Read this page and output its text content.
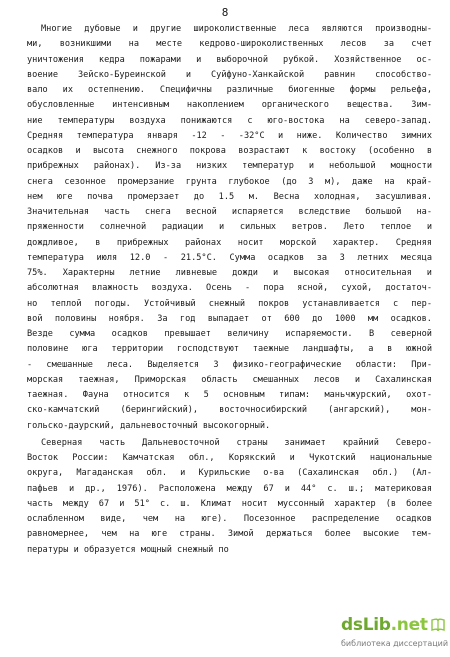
8
Многие дубовые и другие широколиственные леса являются производны-
ми, возникшими на месте кедрово-широколиственных лесов за счет
уничтожения кедра пожарами и выборочной рубкой. Хозяйственное ос-
воение Зейско-Буреинской и Суйфуно-Ханкайской равнин способство-
вало их остепнению. Специфичны различные биогенные формы рельефа,
обусловленные интенсивным накоплением органического вещества. Зим-
ние температуры воздуха понижаются с юго-востока на северо-запад.
Средняя температура января -12 - -32°С и ниже. Количество зимних
осадков и высота снежного покрова возрастают к востоку (особенно в
прибрежных районах). Из-за низких температур и небольшой мощности
снега сезонное промерзание грунта глубокое (до 3 м), даже на край-
нем юге почва промерзает до 1.5 м. Весна холодная, засушливая.
Значительная часть снега весной испаряется вследствие большой на-
пряженности солнечной радиации и сильных ветров. Лето теплое и
дождливое, в прибрежных районах носит морской характер. Средняя
температура июля 12.0 - 21.5°С. Сумма осадков за 3 летних месяца
75%. Характерны летние ливневые дожди и высокая относительная и
абсолютная влажность воздуха. Осень - пора ясной, сухой, достаточ-
но теплой погоды. Устойчивый снежный покров устанавливается с пер-
вой половины ноября. За год выпадает от 600 до 1000 мм осадков.
Везде сумма осадков превышает величину испаряемости. В северной
половине юга территории господствуют таежные ландшафты, а в южной
- смешанные леса. Выделяется 3 физико-географические области: При-
морская таежная, Приморская область смешанных лесов и Сахалинская
таежная. Фауна относится к 5 основным типам: маньчжурский, охот-
ско-камчатский (берингийский), восточносибирский (ангарский), мон-
гольско-даурский, дальневосточный высокогорный.
Северная часть Дальневосточной страны занимает крайний Северо-
Восток России: Камчатская обл., Корякский и Чукотский национальные
округа, Магаданская обл. и Курильские о-ва (Сахалинская обл.) (Ал-
пафьев и др., 1976). Расположена между 67 и 44° с. ш.; материковая
часть между 67 и 51° с. ш. Климат носит муссонный характер (в более
ослабленном виде, чем на юге). Посезонное распределение осадков
равномернее, чем на юге страны. Зимой держаться более высокие тем-
пературы и образуется мощный снежный по
dsLib.net
библиотека диссертаций
